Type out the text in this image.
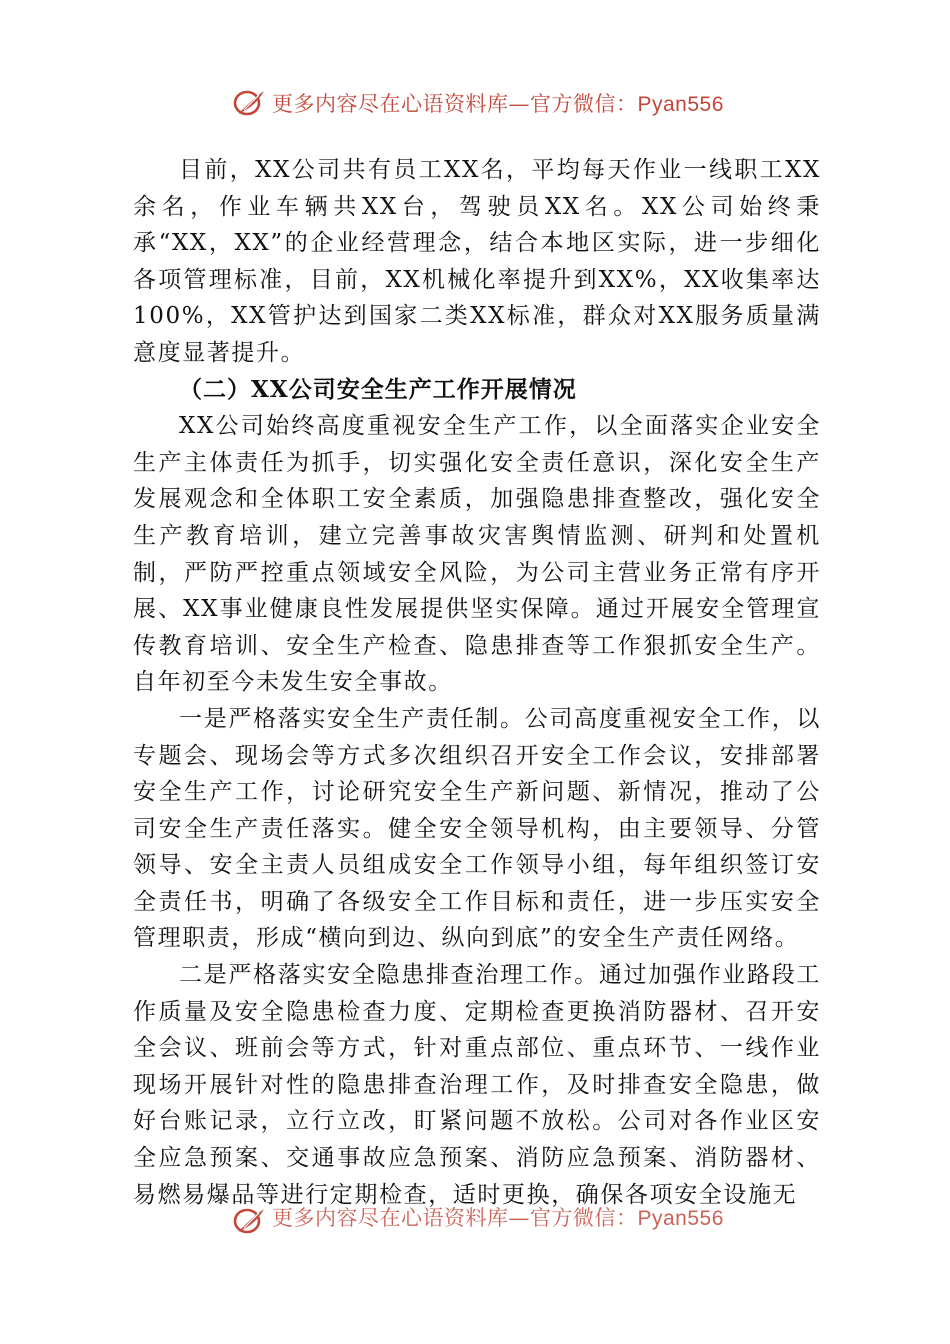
更多内容尽在心语资料库—官方微信：Pyan556

目前，XX公司共有员工XX名，平均每天作业一线职工XX余名，作业车辆共XX台，驾驶员XX名。XX公司始终秉承“XX，XX”的企业经营理念，结合本地区实际，进一步细化各项管理标准，目前，XX机械化率提升到XX%，XX收集率达100%，XX管护达到国家二类XX标准，群众对XX服务质量满意度显著提升。

（二）XX公司安全生产工作开展情况

XX公司始终高度重视安全生产工作，以全面落实企业安全生产主体责任为抓手，切实强化安全责任意识，深化安全生产发展观念和全体职工安全素质，加强隐患排查整改，强化安全生产教育培训，建立完善事故灾害舆情监测、研判和处置机制，严防严控重点领域安全风险，为公司主营业务正常有序开展、XX事业健康良性发展提供坚实保障。通过开展安全管理宣传教育培训、安全生产检查、隐患排查等工作狠抓安全生产。自年初至今未发生安全事故。

一是严格落实安全生产责任制。公司高度重视安全工作，以专题会、现场会等方式多次组织召开安全工作会议，安排部署安全生产工作，讨论研究安全生产新问题、新情况，推动了公司安全生产责任落实。健全安全领导机构，由主要领导、分管领导、安全主责人员组成安全工作领导小组，每年组织签订安全责任书，明确了各级安全工作目标和责任，进一步压实安全管理职责，形成“横向到边、纵向到底”的安全生产责任网络。

二是严格落实安全隐患排查治理工作。通过加强作业路段工作质量及安全隐患检查力度、定期检查更换消防器材、召开安全会议、班前会等方式，针对重点部位、重点环节、一线作业现场开展针对性的隐患排查治理工作，及时排查安全隐患，做好台账记录，立行立改，盯紧问题不放松。公司对各作业区安全应急预案、交通事故应急预案、消防应急预案、消防器材、易燃易爆品等进行定期检查，适时更换，确保各项安全设施无

更多内容尽在心语资料库—官方微信：Pyan556
